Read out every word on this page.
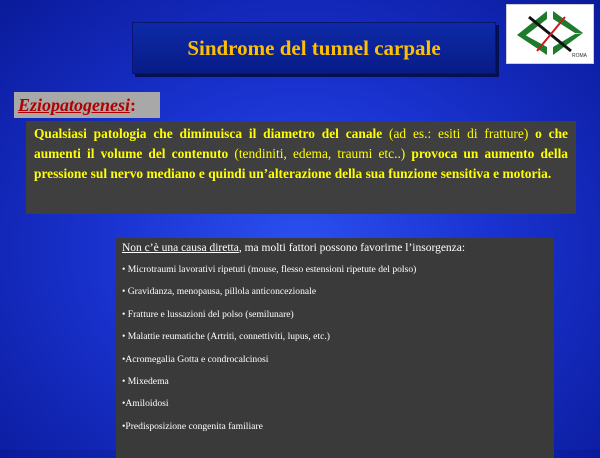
Sindrome del tunnel carpale	ROMA
Eziopatogenesi :
Qualsiasi patologia che diminuisca il diametro del canale (ad es.: esiti di fratture) o che aumenti il volume del contenuto (tendiniti, edema, traumi etc..) provoca un aumento della pressione sul nervo mediano e quindi un’alterazione della sua funzione sensitiva e motoria.
Non c’è una causa diretta, ma molti fattori possono favorirne l’insorgenza:
• Microtraumi lavorativi ripetuti (mouse, flesso estensioni ripetute del polso)
• Gravidanza, menopausa, pillola anticoncezionale
• Fratture e lussazioni del polso (semilunare)
• Malattie reumatiche (Artriti, connettiviti, lupus, etc.)
•Acromegalia Gotta e condrocalcinosi
• Mixedema
•Amiloidosi
•Predisposizione congenita familiare
